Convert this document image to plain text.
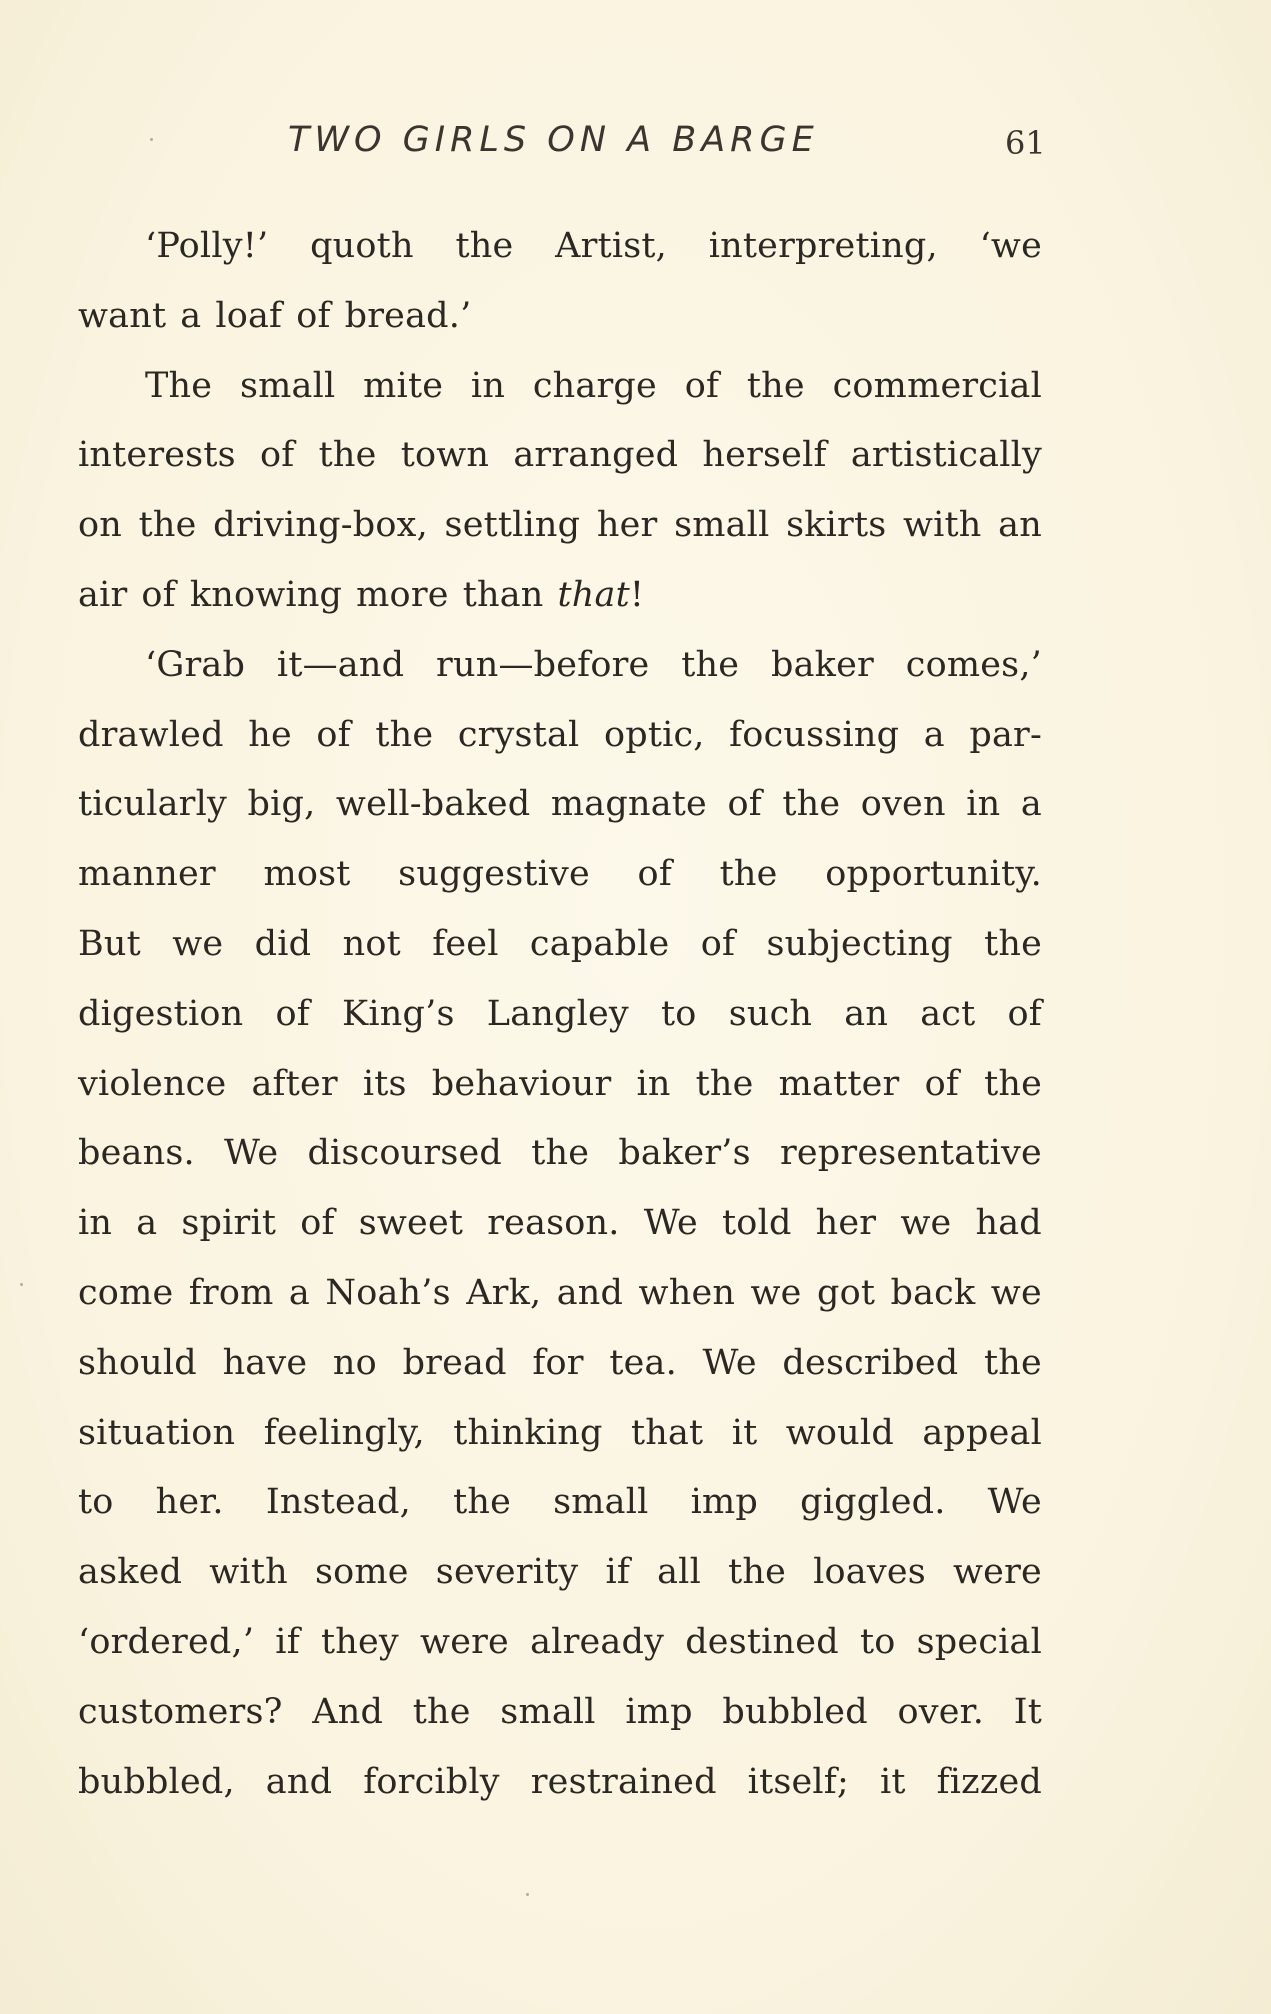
TWO GIRLS ON A BARGE	61
‘Polly!’ quoth the Artist, interpreting, ‘we
want a loaf of bread.’
The small mite in charge of the commercial
interests of the town arranged herself artistically
on the driving-box, settling her small skirts with an
air of knowing more than that!
‘Grab it—and run—before the baker comes,’
drawled he of the crystal optic, focussing a par-
ticularly big, well-baked magnate of the oven in a
manner most suggestive of the opportunity.
But we did not feel capable of subjecting the
digestion of King’s Langley to such an act of
violence after its behaviour in the matter of the
beans. We discoursed the baker’s representative
in a spirit of sweet reason. We told her we had
come from a Noah’s Ark, and when we got back we
should have no bread for tea. We described the
situation feelingly, thinking that it would appeal
to her. Instead, the small imp giggled. We
asked with some severity if all the loaves were
‘ordered,’ if they were already destined to special
customers? And the small imp bubbled over. It
bubbled, and forcibly restrained itself; it fizzed
